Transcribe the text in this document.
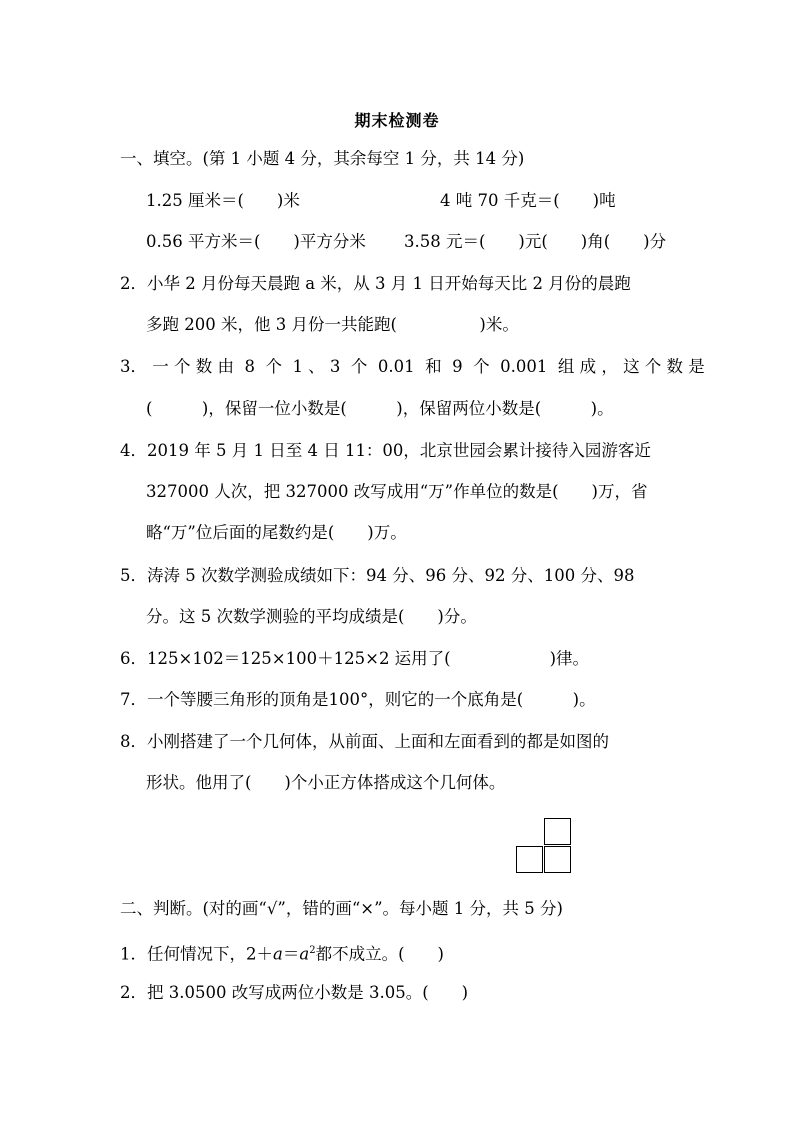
期末检测卷
一、填空。(第 1 小题 4 分，其余每空 1 分，共 14 分)
1.25 厘米＝(　　)米	4 吨 70 千克＝(　　)吨
0.56 平方米＝(　　)平方分米 3.58 元＝(　　)元(　　)角(　　)分
2．小华 2 月份每天晨跑 a 米，从 3 月 1 日开始每天比 2 月份的晨跑
多跑 200 米，他 3 月份一共能跑(　　　　　)米。
3． 一 个 数 由  8  个  1 、 3  个  0.01  和  9  个  0.001  组 成 ， 这 个 数 是
(　　　)，保留一位小数是(　　　)，保留两位小数是(　　　)。
4．2019 年 5 月 1 日至 4 日 11：00，北京世园会累计接待入园游客近
327000 人次，把 327000 改写成用“万”作单位的数是(　　)万，省
略“万”位后面的尾数约是(　　)万。
5．涛涛 5 次数学测验成绩如下：94 分、96 分、92 分、100 分、98
分。这 5 次数学测验的平均成绩是(　　)分。
6．125×102＝125×100＋125×2 运用了(　　　　　　)律。
7．一个等腰三角形的顶角是100°，则它的一个底角是(　　　)。
8．小刚搭建了一个几何体，从前面、上面和左面看到的都是如图的
形状。他用了(　　)个小正方体搭成这个几何体。
二、判断。(对的画“√”，错的画“×”。每小题 1 分，共 5 分)
1．任何情况下，$2+a=a^2$都不成立。(　　)
2．把 3.0500 改写成两位小数是 3.05。(　　)
